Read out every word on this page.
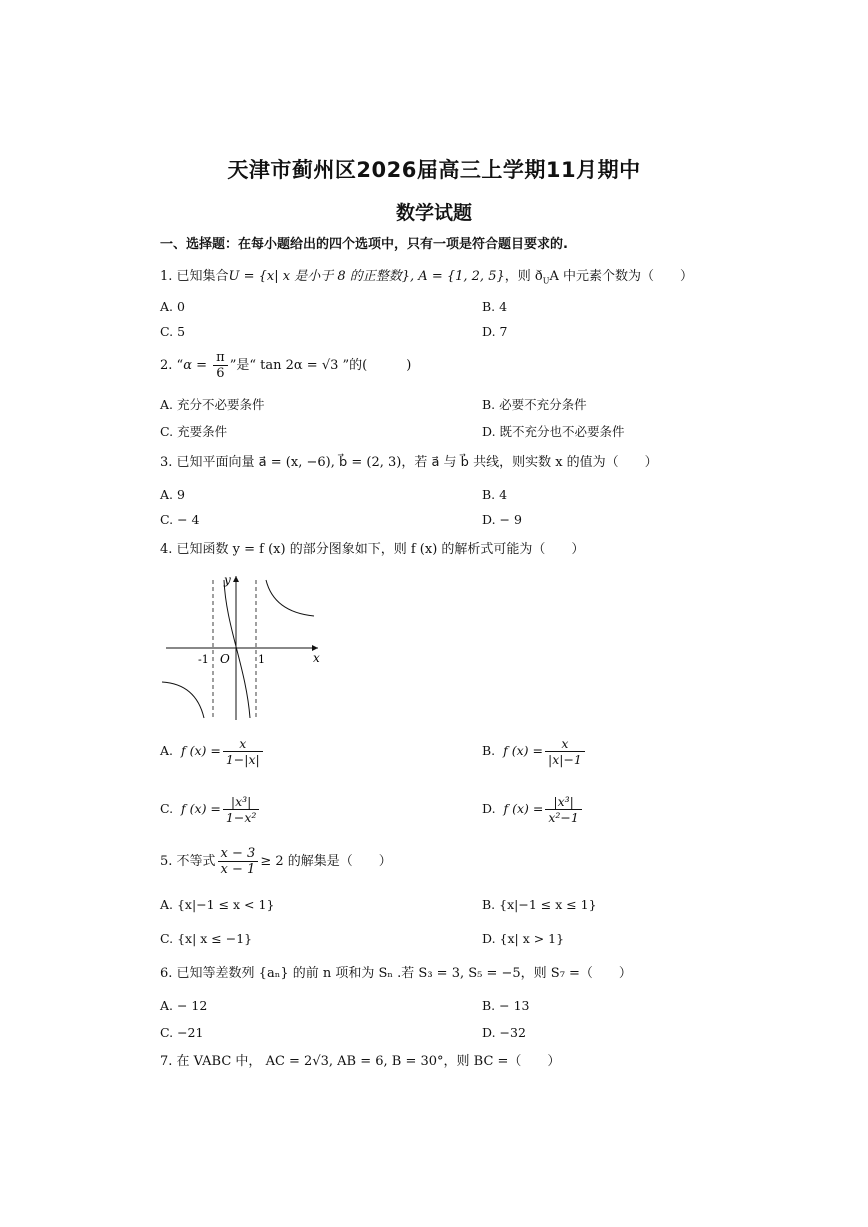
天津市蓟州区2026届高三上学期11月期中
数学试题
一、选择题：在每小题给出的四个选项中，只有一项是符合题目要求的.
1. 已知集合U = {x| x 是小于 8 的正整数}, A = {1, 2, 5}，则 $ð_UA$ 中元素个数为（　　）
A. 0	B. 4
C. 5	D. 7
2. “$\alpha = \frac{\pi}{6}$ ”是“ tan 2α = √3 ”的(　　　)
A. 充分不必要条件	B. 必要不充分条件
C. 充要条件	D. 既不充分也不必要条件
3. 已知平面向量 a⃗ = (x, −6), b⃗ = (2, 3)，若 a⃗ 与 b⃗ 共线，则实数 x 的值为（　　）
A. 9	B. 4
C. − 4	D. − 9
4. 已知函数 y = f (x) 的部分图象如下，则 f (x) 的解析式可能为（　　）
y
x
O
-1	1
A. f $(x) = \frac{x}{1-|x|}$	B. f $(x) = \frac{x}{|x|-1}$
C. f $(x) = \frac{\text{|x³|}}{\text{1−x²}}$	D. f $(x) = \frac{\text{|x³|}}{\text{x²−1}}$
5. 不等式 $\frac{x - 3}{x - 1} \ge 2$ 的解集是（　　）
A. {x|−1 ≤ x < 1}	B. {x|−1 ≤ x ≤ 1}
C. {x| x ≤ −1}	D. {x| x > 1}
6. 已知等差数列 {aₙ} 的前 n 项和为 Sₙ .若 S₃ = 3, S₅ = −5，则 S₇ =（　　）
A. − 12	B. − 13
C. −21	D. −32
7. 在 VABC 中， AC = 2√3, AB = 6, B = 30°，则 BC =（　　）
